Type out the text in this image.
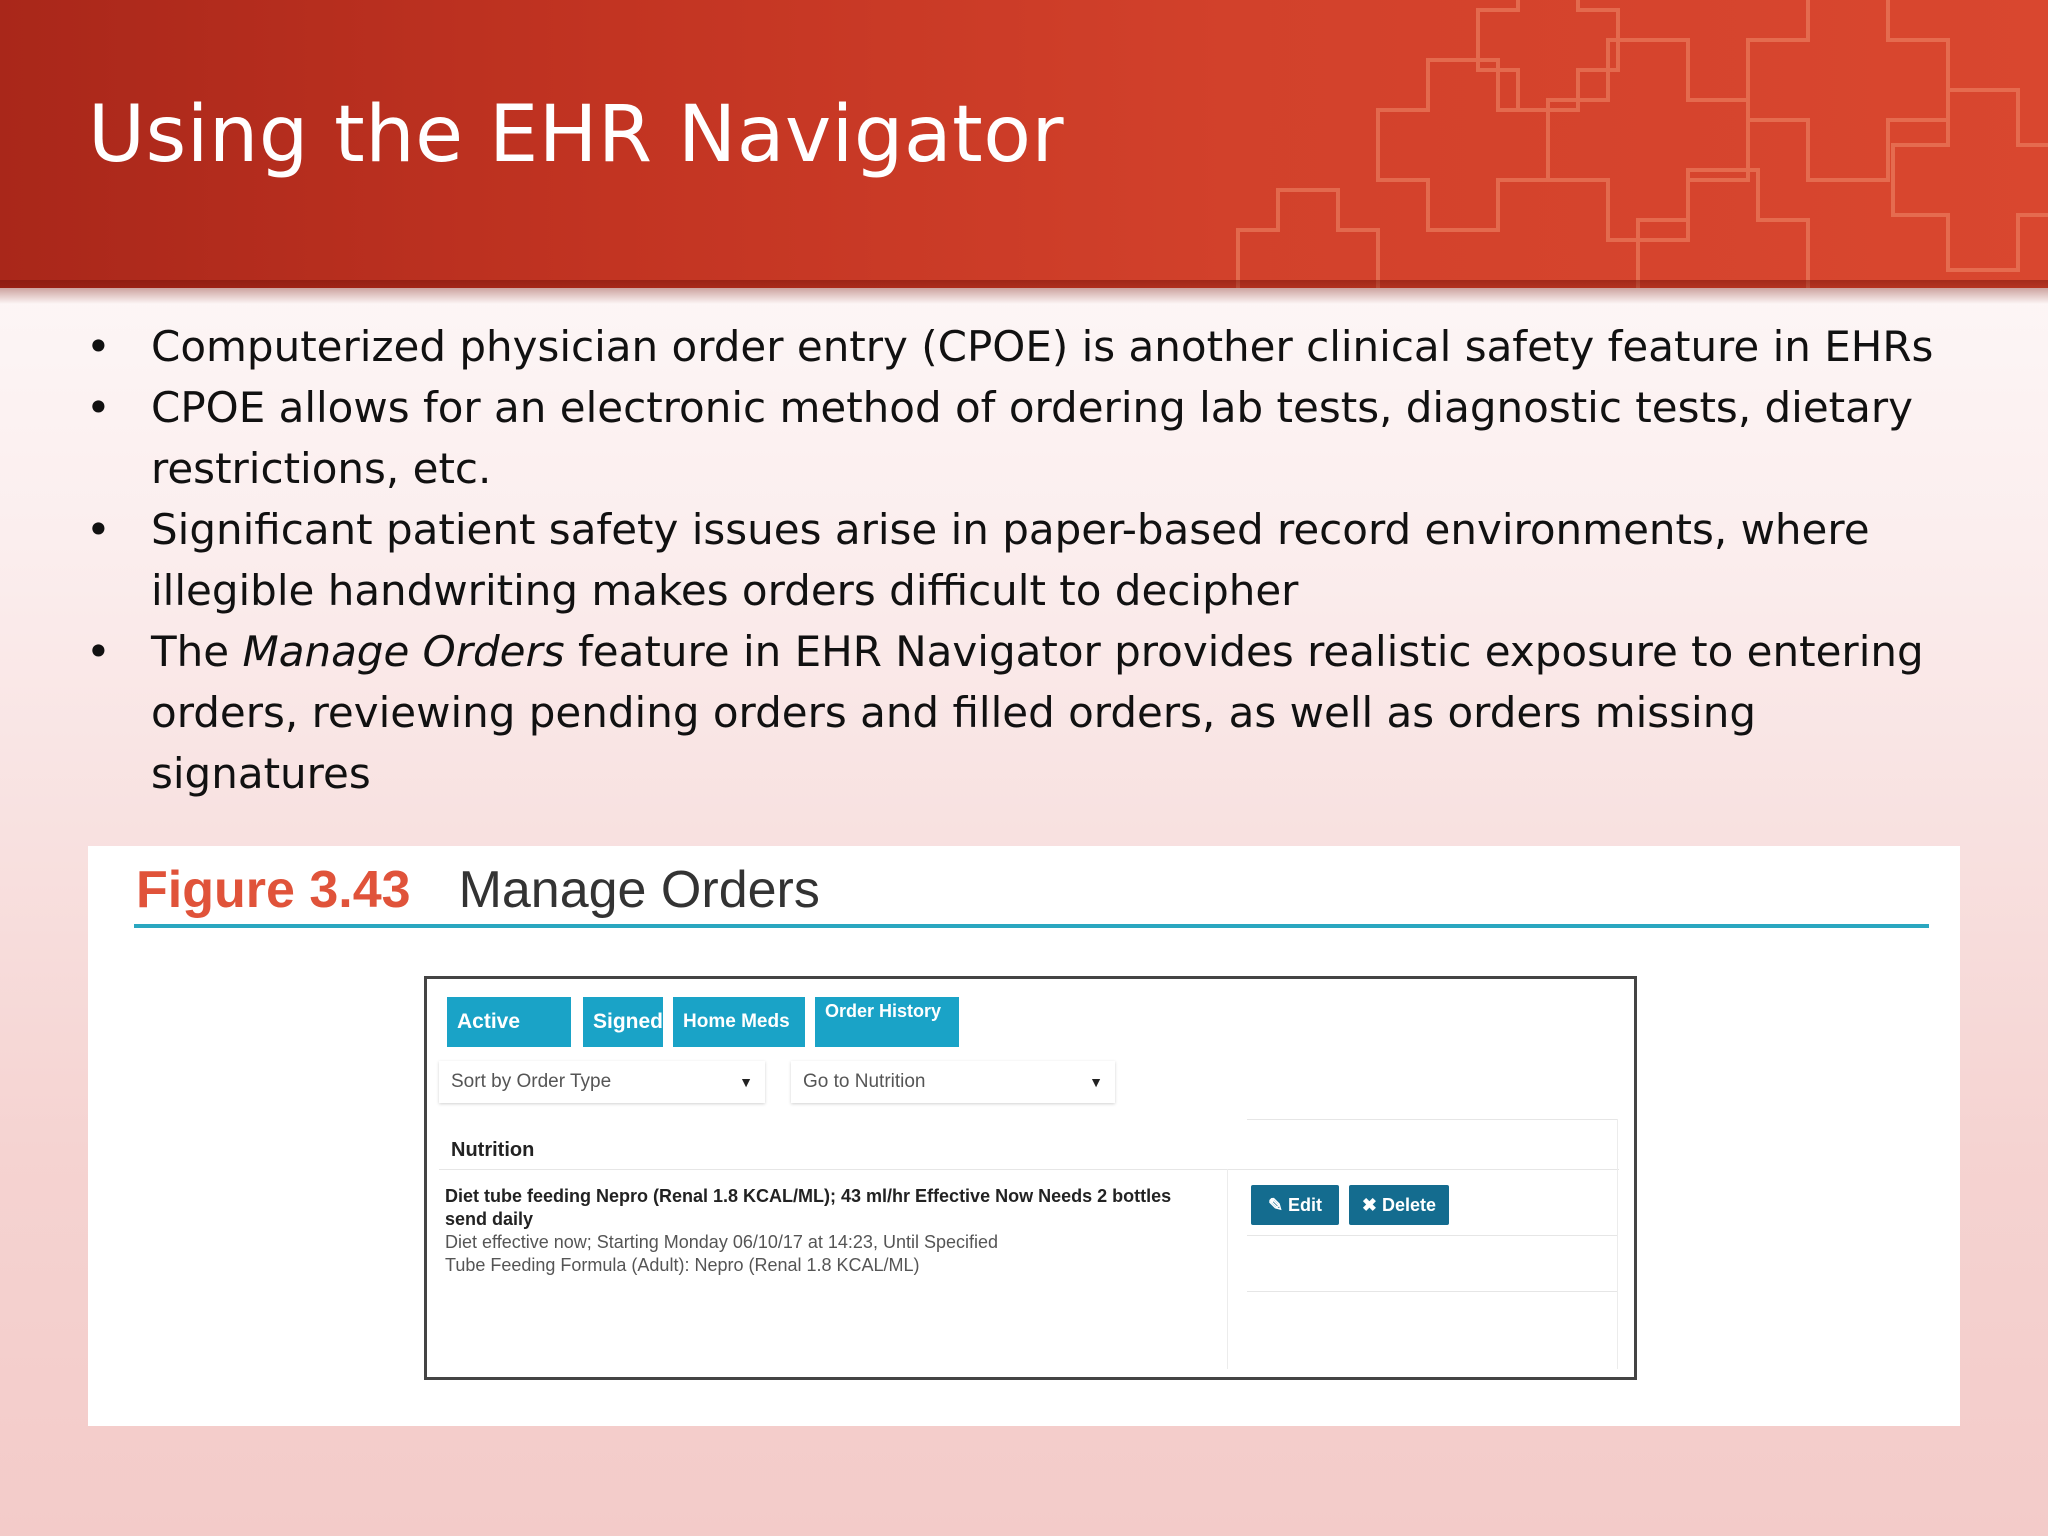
Using the EHR Navigator
• Computerized physician order entry (CPOE) is another clinical safety feature in EHRs
• CPOE allows for an electronic method of ordering lab tests, diagnostic tests, dietary restrictions, etc.
• Significant patient safety issues arise in paper-based record environments, where illegible handwriting makes orders difficult to decipher
• The Manage Orders feature in EHR Navigator provides realistic exposure to entering orders, reviewing pending orders and filled orders, as well as orders missing signatures
Figure 3.43 Manage Orders
Active	Signed	Home Meds	Order History
Sort by Order Type	▼	Go to Nutrition	▼
Nutrition
Diet tube feeding Nepro (Renal 1.8 KCAL/ML); 43 ml/hr Effective Now Needs 2 bottles send daily
Diet effective now; Starting Monday 06/10/17 at 14:23, Until Specified
Tube Feeding Formula (Adult): Nepro (Renal 1.8 KCAL/ML)
✎ Edit	✖ Delete
